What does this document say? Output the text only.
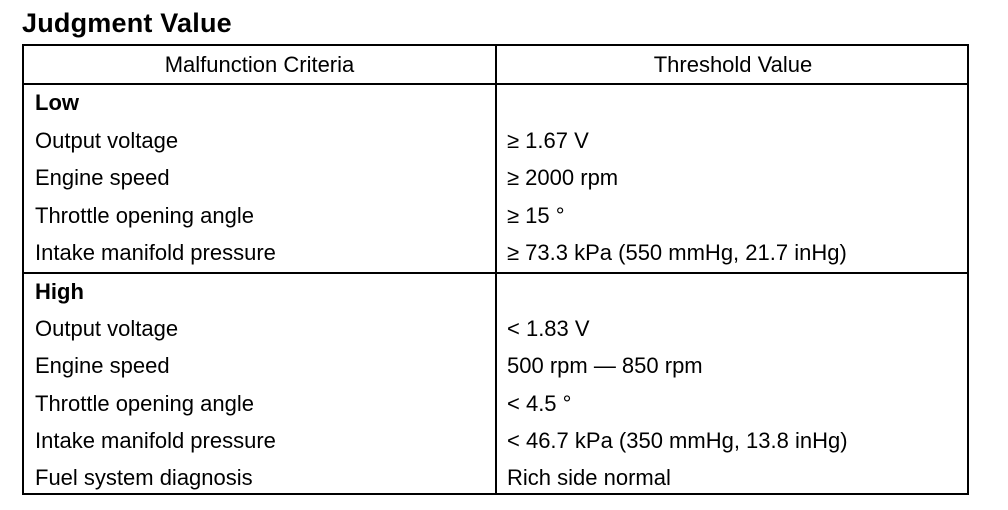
Judgment Value
Malfunction Criteria	Threshold Value
Low
Output voltage	≥ 1.67 V
Engine speed	≥ 2000 rpm
Throttle opening angle	≥ 15 °
Intake manifold pressure	≥ 73.3 kPa (550 mmHg, 21.7 inHg)
High
Output voltage	< 1.83 V
Engine speed	500 rpm — 850 rpm
Throttle opening angle	< 4.5 °
Intake manifold pressure	< 46.7 kPa (350 mmHg, 13.8 inHg)
Fuel system diagnosis	Rich side normal
